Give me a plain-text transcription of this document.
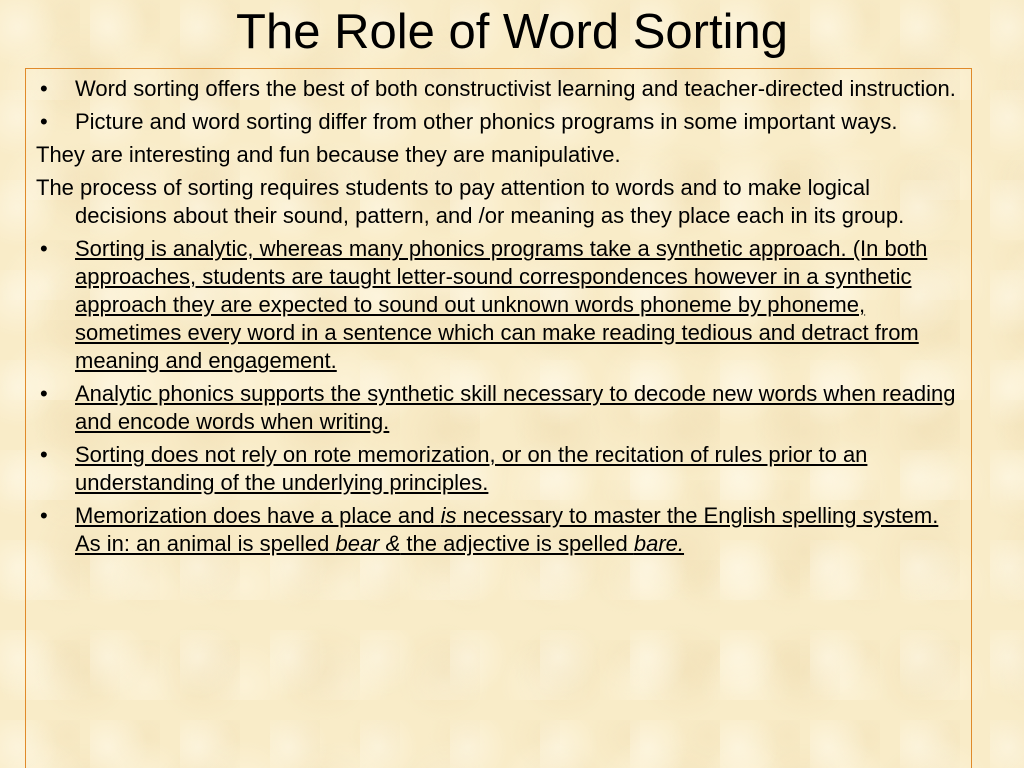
The Role of Word Sorting
• Word sorting offers the best of both constructivist learning and teacher-directed instruction.
• Picture and word sorting differ from other phonics programs in some important ways.
They are interesting and fun because they are manipulative.
The process of sorting requires students to pay attention to words and to make logical decisions about their sound, pattern, and /or meaning as they place each in its group.
• Sorting is analytic, whereas many phonics programs take a synthetic approach. (In both approaches, students are taught letter-sound correspondences however in a synthetic approach they are expected to sound out unknown words phoneme by phoneme, sometimes every word in a sentence which can make reading tedious and detract from meaning and engagement.
• Analytic phonics supports the synthetic skill necessary to decode new words when reading and encode words when writing.
• Sorting does not rely on rote memorization, or on the recitation of rules prior to an understanding of the underlying principles.
• Memorization does have a place and is necessary to master the English spelling system. As in: an animal is spelled bear & the adjective is spelled bare.
